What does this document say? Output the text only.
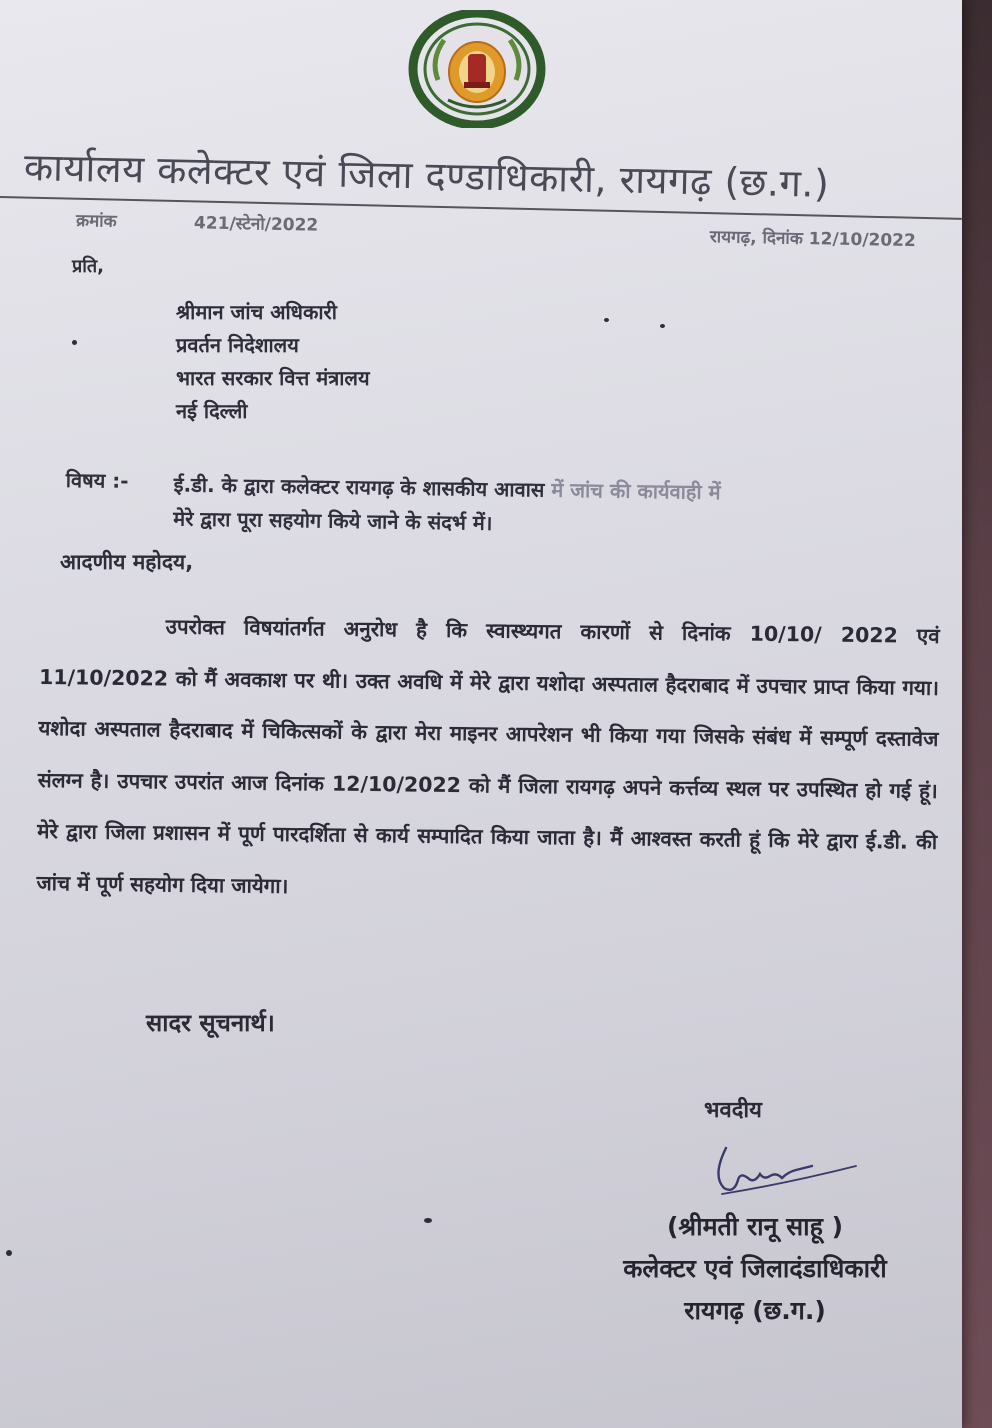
कार्यालय कलेक्टर एवं जिला दण्डाधिकारी, रायगढ़ (छ.ग.)
क्रमांक	421/स्टेनो/2022
रायगढ़, दिनांक 12/10/2022
प्रति,
श्रीमान जांच अधिकारी
प्रवर्तन निदेशालय
भारत सरकार वित्त मंत्रालय
नई दिल्ली
विषय :- ई.डी. के द्वारा कलेक्टर रायगढ़ के शासकीय आवास में जांच की कार्यवाही में
मेरे द्वारा पूरा सहयोग किये जाने के संदर्भ में।
आदणीय महोदय,
उपरोक्त विषयांतर्गत अनुरोध है कि स्वास्थ्यगत कारणों से दिनांक 10/10/ 2022 एवं 11/10/2022 को मैं अवकाश पर थी। उक्त अवधि में मेरे द्वारा यशोदा अस्पताल हैदराबाद में उपचार प्राप्त किया गया। यशोदा अस्पताल हैदराबाद में चिकित्सकों के द्वारा मेरा माइनर आपरेशन भी किया गया जिसके संबंध में सम्पूर्ण दस्तावेज संलग्न है। उपचार उपरांत आज दिनांक 12/10/2022 को मैं जिला रायगढ़ अपने कर्त्तव्य स्थल पर उपस्थित हो गई हूं। मेरे द्वारा जिला प्रशासन में पूर्ण पारदर्शिता से कार्य सम्पादित किया जाता है। मैं आश्वस्त करती हूं कि मेरे द्वारा ई.डी. की जांच में पूर्ण सहयोग दिया जायेगा।
सादर सूचनार्थ।
भवदीय
(श्रीमती रानू साहू )
कलेक्टर एवं जिलादंडाधिकारी
रायगढ़ (छ.ग.)
